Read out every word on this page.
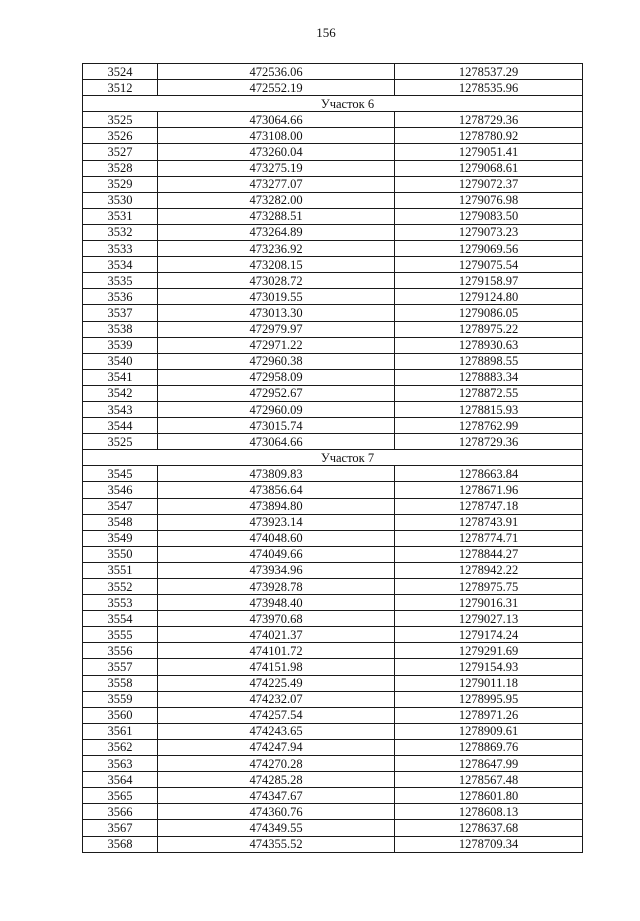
156
3524	472536.06	1278537.29
3512	472552.19	1278535.96
Участок 6		
3525	473064.66	1278729.36
3526	473108.00	1278780.92
3527	473260.04	1279051.41
3528	473275.19	1279068.61
3529	473277.07	1279072.37
3530	473282.00	1279076.98
3531	473288.51	1279083.50
3532	473264.89	1279073.23
3533	473236.92	1279069.56
3534	473208.15	1279075.54
3535	473028.72	1279158.97
3536	473019.55	1279124.80
3537	473013.30	1279086.05
3538	472979.97	1278975.22
3539	472971.22	1278930.63
3540	472960.38	1278898.55
3541	472958.09	1278883.34
3542	472952.67	1278872.55
3543	472960.09	1278815.93
3544	473015.74	1278762.99
3525	473064.66	1278729.36
Участок 7		
3545	473809.83	1278663.84
3546	473856.64	1278671.96
3547	473894.80	1278747.18
3548	473923.14	1278743.91
3549	474048.60	1278774.71
3550	474049.66	1278844.27
3551	473934.96	1278942.22
3552	473928.78	1278975.75
3553	473948.40	1279016.31
3554	473970.68	1279027.13
3555	474021.37	1279174.24
3556	474101.72	1279291.69
3557	474151.98	1279154.93
3558	474225.49	1279011.18
3559	474232.07	1278995.95
3560	474257.54	1278971.26
3561	474243.65	1278909.61
3562	474247.94	1278869.76
3563	474270.28	1278647.99
3564	474285.28	1278567.48
3565	474347.67	1278601.80
3566	474360.76	1278608.13
3567	474349.55	1278637.68
3568	474355.52	1278709.34
